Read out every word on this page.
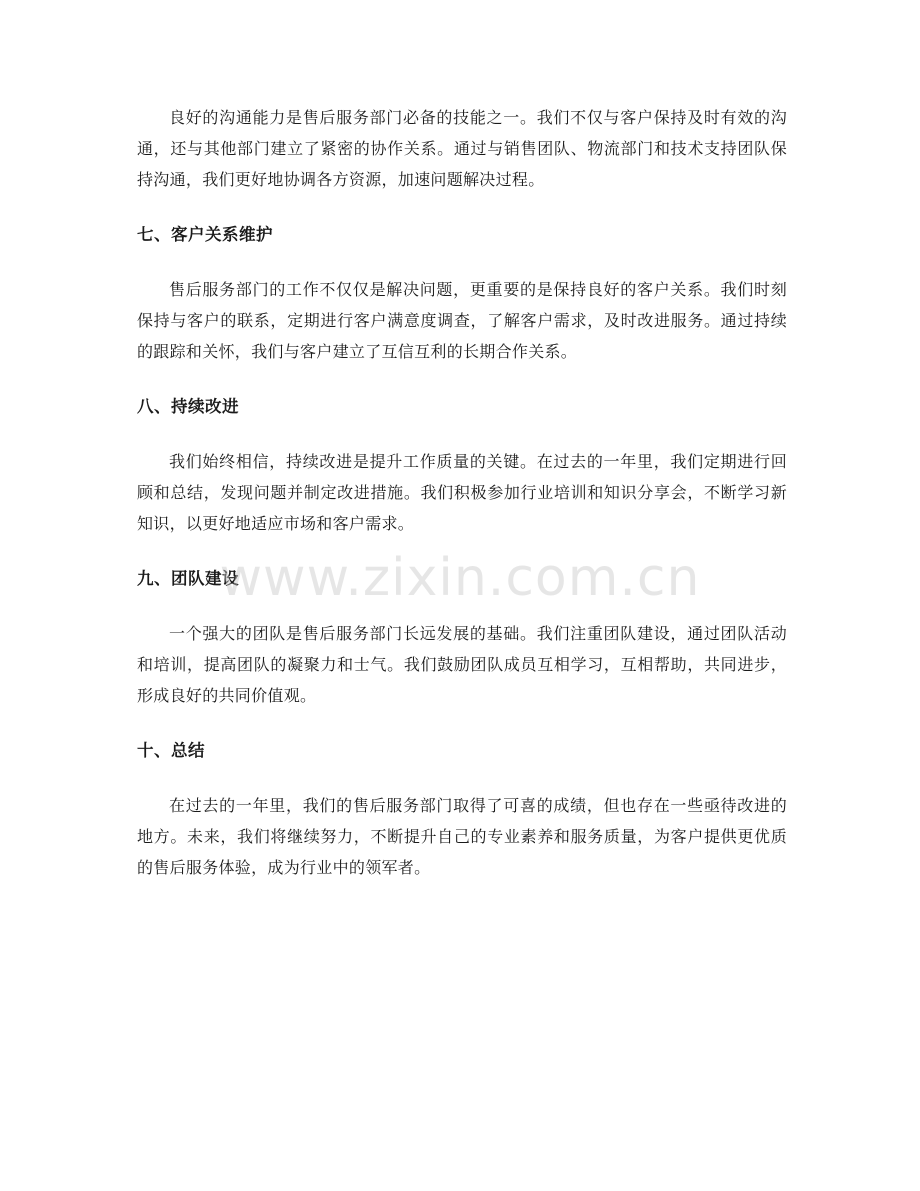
良好的沟通能力是售后服务部门必备的技能之一。我们不仅与客户保持及时有效的沟通，还与其他部门建立了紧密的协作关系。通过与销售团队、物流部门和技术支持团队保持沟通，我们更好地协调各方资源，加速问题解决过程。

七、客户关系维护

售后服务部门的工作不仅仅是解决问题，更重要的是保持良好的客户关系。我们时刻保持与客户的联系，定期进行客户满意度调查，了解客户需求，及时改进服务。通过持续的跟踪和关怀，我们与客户建立了互信互利的长期合作关系。

八、持续改进

我们始终相信，持续改进是提升工作质量的关键。在过去的一年里，我们定期进行回顾和总结，发现问题并制定改进措施。我们积极参加行业培训和知识分享会，不断学习新知识，以更好地适应市场和客户需求。

九、团队建设

一个强大的团队是售后服务部门长远发展的基础。我们注重团队建设，通过团队活动和培训，提高团队的凝聚力和士气。我们鼓励团队成员互相学习，互相帮助，共同进步，形成良好的共同价值观。

十、总结

在过去的一年里，我们的售后服务部门取得了可喜的成绩，但也存在一些亟待改进的地方。未来，我们将继续努力，不断提升自己的专业素养和服务质量，为客户提供更优质的售后服务体验，成为行业中的领军者。

www.zixin.com.cn
